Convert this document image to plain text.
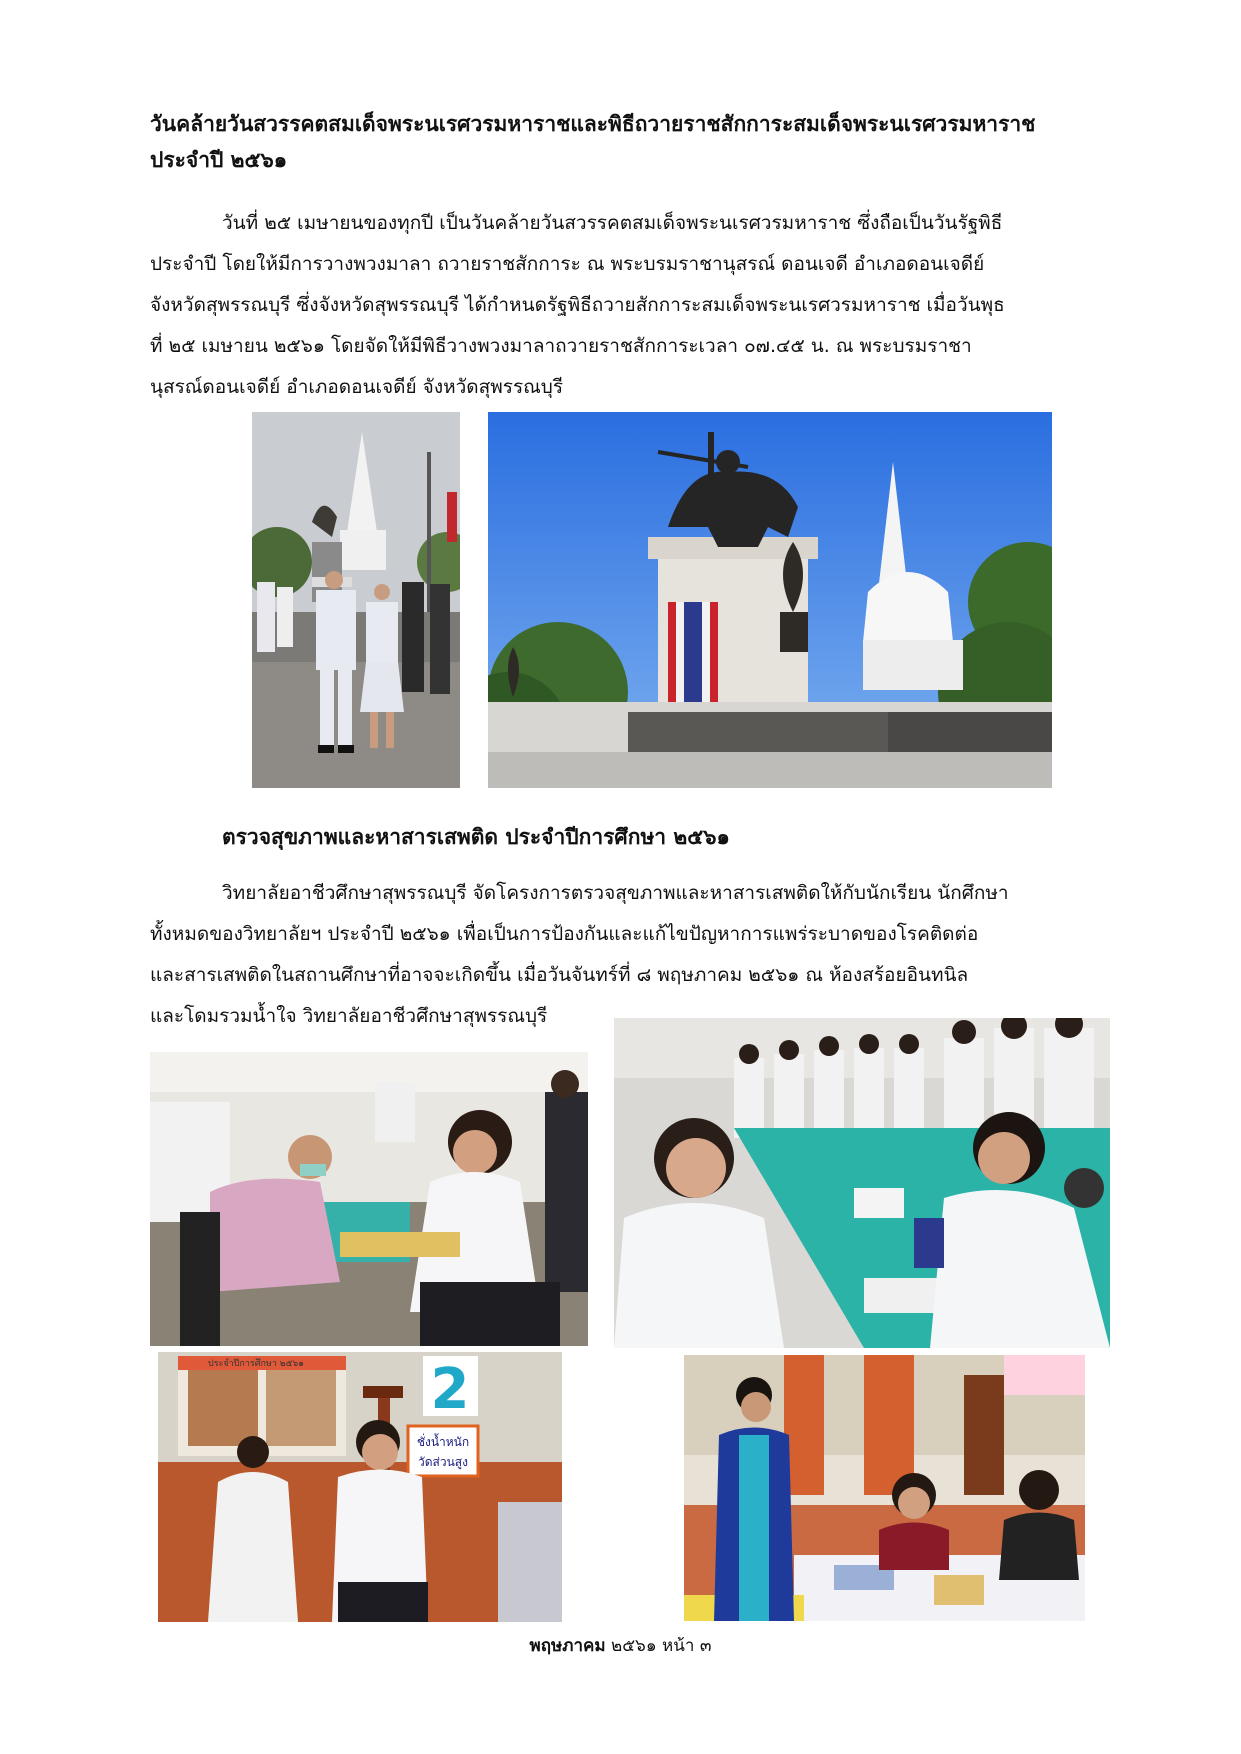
วันคล้ายวันสวรรคตสมเด็จพระนเรศวรมหาราชและพิธีถวายราชสักการะสมเด็จพระนเรศวรมหาราช
ประจำปี ๒๕๖๑
วันที่ ๒๕ เมษายนของทุกปี เป็นวันคล้ายวันสวรรคตสมเด็จพระนเรศวรมหาราช ซึ่งถือเป็นวันรัฐพิธี
ประจำปี โดยให้มีการวางพวงมาลา ถวายราชสักการะ ณ พระบรมราชานุสรณ์ ดอนเจดี อำเภอดอนเจดีย์
จังหวัดสุพรรณบุรี ซึ่งจังหวัดสุพรรณบุรี ได้กำหนดรัฐพิธีถวายสักการะสมเด็จพระนเรศวรมหาราช เมื่อวันพุธ
ที่ ๒๕ เมษายน ๒๕๖๑ โดยจัดให้มีพิธีวางพวงมาลาถวายราชสักการะเวลา ๐๗.๔๕ น. ณ พระบรมราชา
นุสรณ์ดอนเจดีย์ อำเภอดอนเจดีย์ จังหวัดสุพรรณบุรี
ตรวจสุขภาพและหาสารเสพติด ประจำปีการศึกษา ๒๕๖๑
วิทยาลัยอาชีวศึกษาสุพรรณบุรี จัดโครงการตรวจสุขภาพและหาสารเสพติดให้กับนักเรียน นักศึกษา
ทั้งหมดของวิทยาลัยฯ ประจำปี ๒๕๖๑ เพื่อเป็นการป้องกันและแก้ไขปัญหาการแพร่ระบาดของโรคติดต่อ
และสารเสพติดในสถานศึกษาที่อาจจะเกิดขึ้น เมื่อวันจันทร์ที่ ๘ พฤษภาคม ๒๕๖๑ ณ ห้องสร้อยอินทนิล
และโดมรวมน้ำใจ วิทยาลัยอาชีวศึกษาสุพรรณบุรี
ประจำปีการศึกษา ๒๕๖๑ 2
ชั่งน้ำหนัก
วัดส่วนสูง
พฤษภาคม ๒๕๖๑ หน้า ๓
